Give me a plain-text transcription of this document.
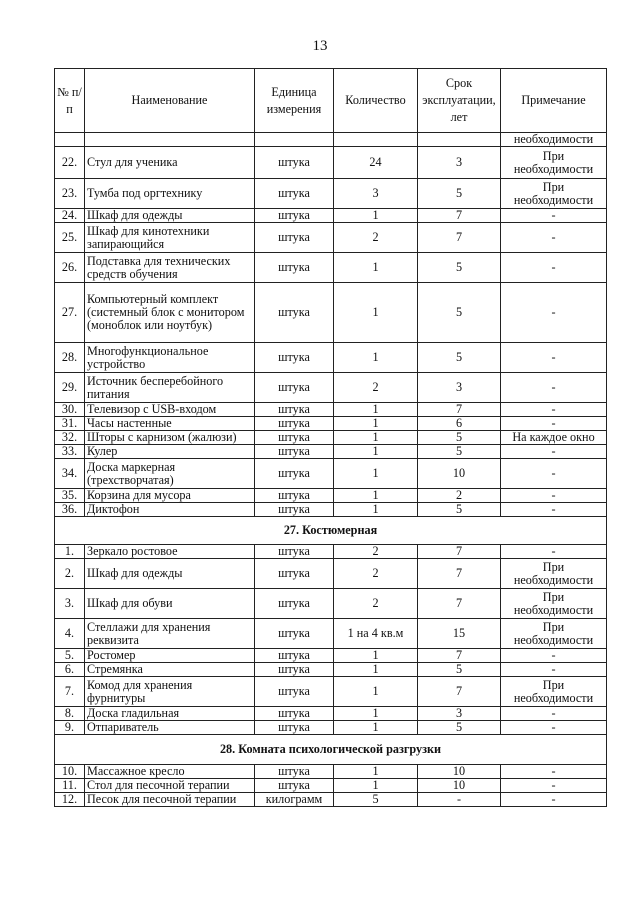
13
№ п/п	Наименование	Единица измерения	Количество	Срок эксплуатации, лет	Примечание
					необходимости
22.	Стул для ученика	штука	24	3	При необходимости
23.	Тумба под оргтехнику	штука	3	5	При необходимости
24.	Шкаф для одежды	штука	1	7	-
25.	Шкаф для кинотехники запирающийся	штука	2	7	-
26.	Подставка для технических средств обучения	штука	1	5	-
27.	Компьютерный комплект (системный блок с монитором (моноблок или ноутбук)	штука	1	5	-
28.	Многофункциональное устройство	штука	1	5	-
29.	Источник бесперебойного питания	штука	2	3	-
30.	Телевизор с USB-входом	штука	1	7	-
31.	Часы настенные	штука	1	6	-
32.	Шторы с карнизом (жалюзи)	штука	1	5	На каждое окно
33.	Кулер	штука	1	5	-
34.	Доска маркерная (трехстворчатая)	штука	1	10	-
35.	Корзина для мусора	штука	1	2	-
36.	Диктофон	штука	1	5	-
27. Костюмерная					
1.	Зеркало ростовое	штука	2	7	-
2.	Шкаф для одежды	штука	2	7	При необходимости
3.	Шкаф для обуви	штука	2	7	При необходимости
4.	Стеллажи для хранения реквизита	штука	1 на 4 кв.м	15	При необходимости
5.	Ростомер	штука	1	7	-
6.	Стремянка	штука	1	5	-
7.	Комод для хранения фурнитуры	штука	1	7	При необходимости
8.	Доска гладильная	штука	1	3	-
9.	Отпариватель	штука	1	5	-
28. Комната психологической разгрузки					
10.	Массажное кресло	штука	1	10	-
11.	Стол для песочной терапии	штука	1	10	-
12.	Песок для песочной терапии	килограмм	5	-	-
